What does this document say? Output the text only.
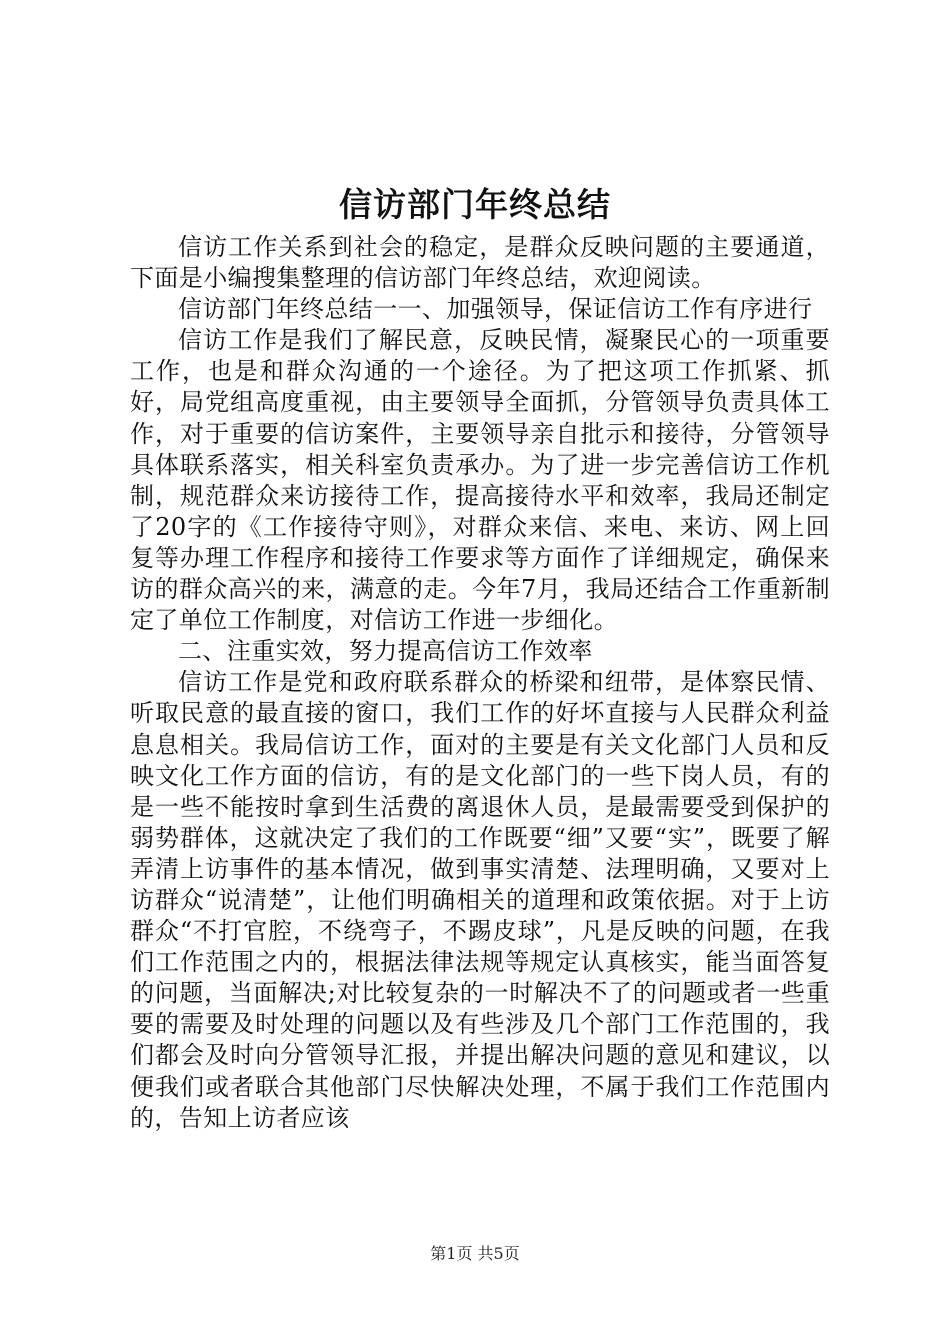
信访部门年终总结

信访工作关系到社会的稳定，是群众反映问题的主要通道，下面是小编搜集整理的信访部门年终总结，欢迎阅读。

信访部门年终总结一一、加强领导，保证信访工作有序进行

信访工作是我们了解民意，反映民情，凝聚民心的一项重要工作，也是和群众沟通的一个途径。为了把这项工作抓紧、抓好，局党组高度重视，由主要领导全面抓，分管领导负责具体工作，对于重要的信访案件，主要领导亲自批示和接待，分管领导具体联系落实，相关科室负责承办。为了进一步完善信访工作机制，规范群众来访接待工作，提高接待水平和效率，我局还制定了20字的《工作接待守则》，对群众来信、来电、来访、网上回复等办理工作程序和接待工作要求等方面作了详细规定，确保来访的群众高兴的来，满意的走。今年7月，我局还结合工作重新制定了单位工作制度，对信访工作进一步细化。

二、注重实效，努力提高信访工作效率

信访工作是党和政府联系群众的桥梁和纽带，是体察民情、听取民意的最直接的窗口，我们工作的好坏直接与人民群众利益息息相关。我局信访工作，面对的主要是有关文化部门人员和反映文化工作方面的信访，有的是文化部门的一些下岗人员，有的是一些不能按时拿到生活费的离退休人员，是最需要受到保护的弱势群体，这就决定了我们的工作既要“细”又要“实”，既要了解弄清上访事件的基本情况，做到事实清楚、法理明确，又要对上访群众“说清楚”，让他们明确相关的道理和政策依据。对于上访群众“不打官腔，不绕弯子，不踢皮球”，凡是反映的问题，在我们工作范围之内的，根据法律法规等规定认真核实，能当面答复的问题，当面解决;对比较复杂的一时解决不了的问题或者一些重要的需要及时处理的问题以及有些涉及几个部门工作范围的，我们都会及时向分管领导汇报，并提出解决问题的意见和建议，以便我们或者联合其他部门尽快解决处理，不属于我们工作范围内的，告知上访者应该

第1页 共5页
